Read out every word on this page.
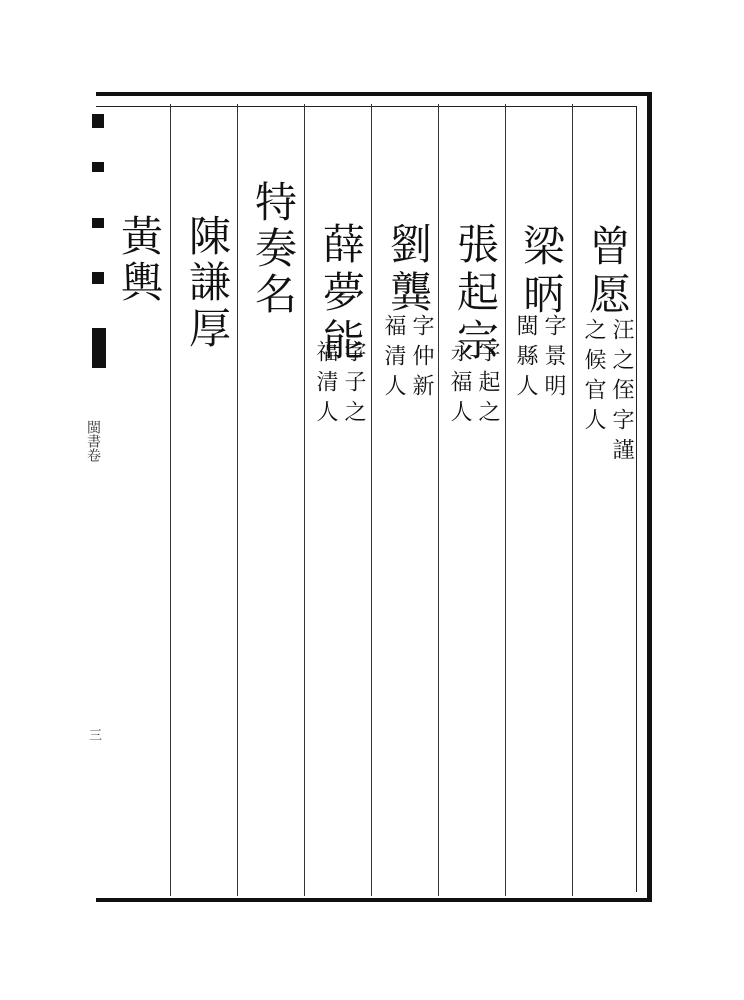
閩書卷
三
曾愿
汪之侄字謹
之候官人
梁昞
字景明
閩縣人
張起宗
字起之
永福人
劉龔
字仲新
福清人
薛夢能
字子之
福清人
特奏名
陳謙厚
黃輿
